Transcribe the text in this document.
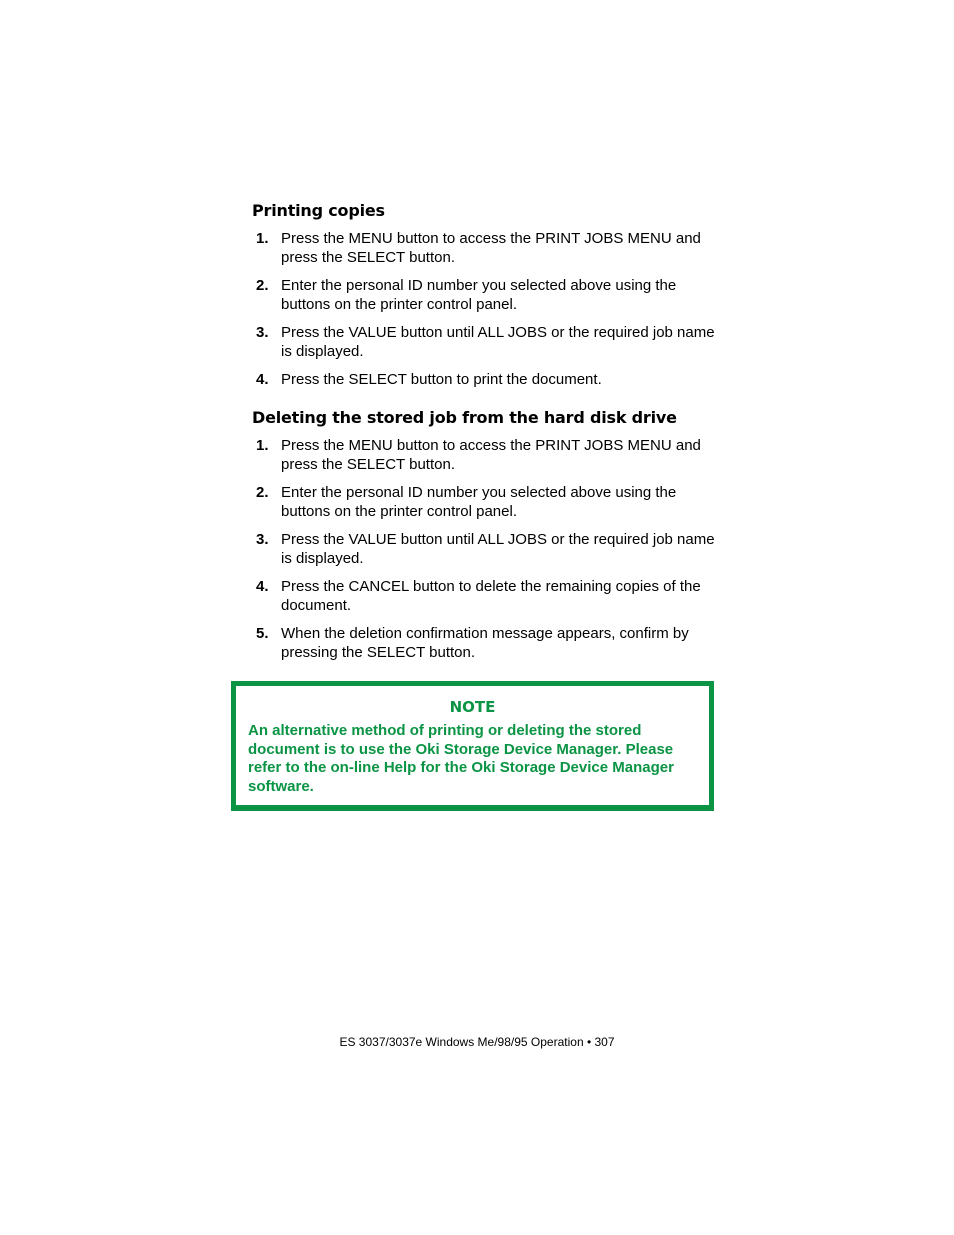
Printing copies
1. Press the MENU button to access the PRINT JOBS MENU and press the SELECT button.
2. Enter the personal ID number you selected above using the buttons on the printer control panel.
3. Press the VALUE button until ALL JOBS or the required job name is displayed.
4. Press the SELECT button to print the document.
Deleting the stored job from the hard disk drive
1. Press the MENU button to access the PRINT JOBS MENU and press the SELECT button.
2. Enter the personal ID number you selected above using the buttons on the printer control panel.
3. Press the VALUE button until ALL JOBS or the required job name is displayed.
4. Press the CANCEL button to delete the remaining copies of the document.
5. When the deletion confirmation message appears, confirm by pressing the SELECT button.
NOTE
An alternative method of printing or deleting the stored document is to use the Oki Storage Device Manager. Please refer to the on-line Help for the Oki Storage Device Manager software.
ES 3037/3037e Windows Me/98/95 Operation • 307
